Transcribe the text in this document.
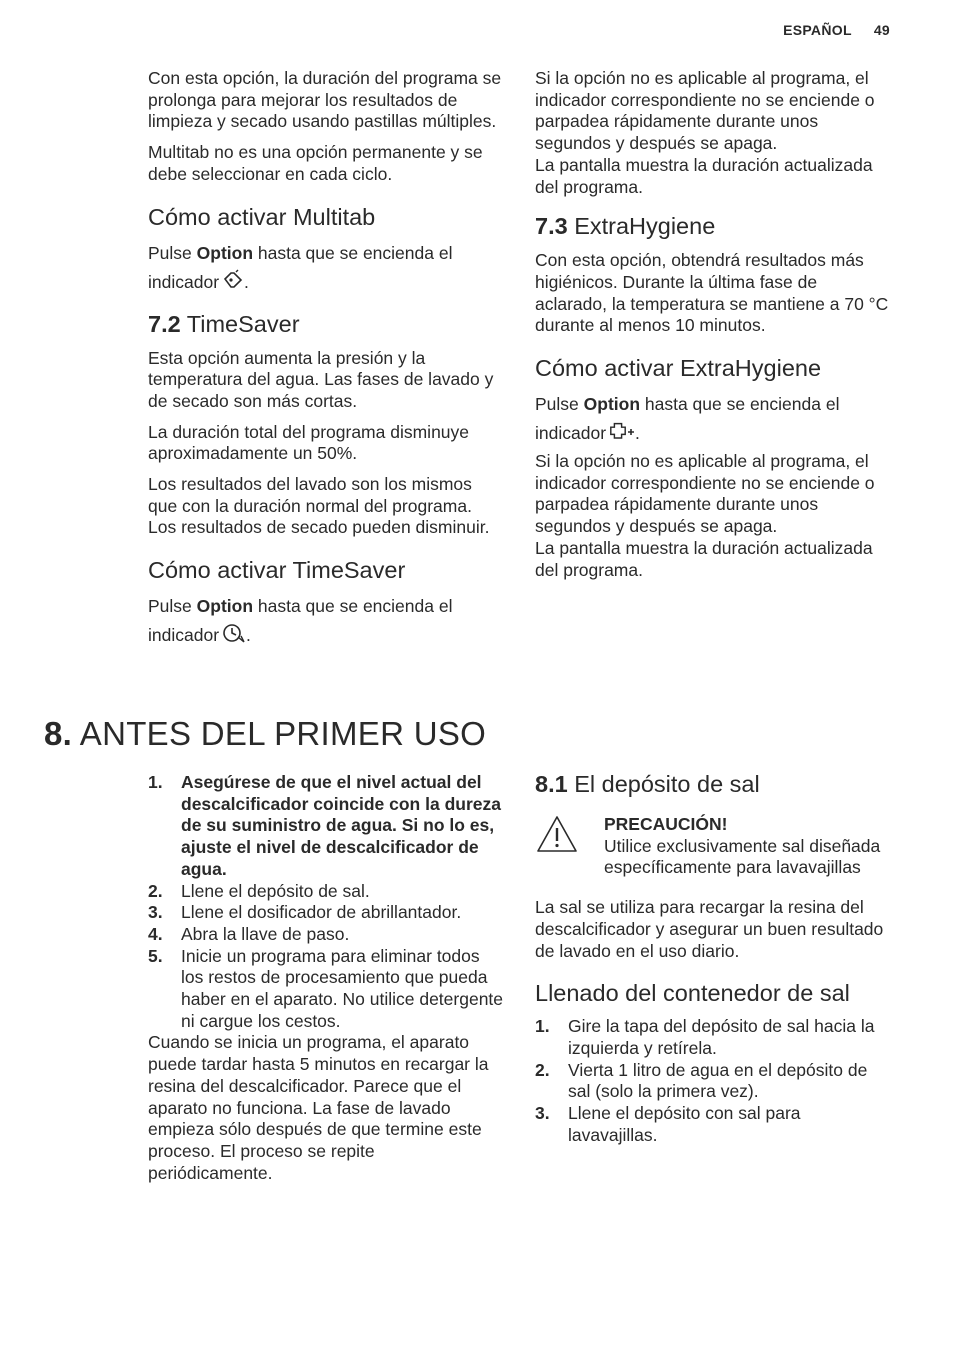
ESPAÑOL 49

Con esta opción, la duración del programa se prolonga para mejorar los resultados de limpieza y secado usando pastillas múltiples.

Multitab no es una opción permanente y se debe seleccionar en cada ciclo.

Cómo activar Multitab

Pulse Option hasta que se encienda el indicador .

7.2 TimeSaver

Esta opción aumenta la presión y la temperatura del agua. Las fases de lavado y de secado son más cortas.

La duración total del programa disminuye aproximadamente un 50%.

Los resultados del lavado son los mismos que con la duración normal del programa. Los resultados de secado pueden disminuir.

Cómo activar TimeSaver

Pulse Option hasta que se encienda el indicador .

Si la opción no es aplicable al programa, el indicador correspondiente no se enciende o parpadea rápidamente durante unos segundos y después se apaga.
La pantalla muestra la duración actualizada del programa.

7.3 ExtraHygiene

Con esta opción, obtendrá resultados más higiénicos. Durante la última fase de aclarado, la temperatura se mantiene a 70 °C durante al menos 10 minutos.

Cómo activar ExtraHygiene

Pulse Option hasta que se encienda el indicador .

Si la opción no es aplicable al programa, el indicador correspondiente no se enciende o parpadea rápidamente durante unos segundos y después se apaga.
La pantalla muestra la duración actualizada del programa.

8. ANTES DEL PRIMER USO
1. Asegúrese de que el nivel actual del descalcificador coincide con la dureza de su suministro de agua. Si no lo es, ajuste el nivel de descalcificador de agua.
2. Llene el depósito de sal.
3. Llene el dosificador de abrillantador.
4. Abra la llave de paso.
5. Inicie un programa para eliminar todos los restos de procesamiento que pueda haber en el aparato. No utilice detergente ni cargue los cestos.

Cuando se inicia un programa, el aparato puede tardar hasta 5 minutos en recargar la resina del descalcificador. Parece que el aparato no funciona. La fase de lavado empieza sólo después de que termine este proceso. El proceso se repite periódicamente.

8.1 El depósito de sal

PRECAUCIÓN!

Utilice exclusivamente sal diseñada específicamente para lavavajillas

La sal se utiliza para recargar la resina del descalcificador y asegurar un buen resultado de lavado en el uso diario.

Llenado del contenedor de sal
1. Gire la tapa del depósito de sal hacia la izquierda y retírela.
2. Vierta 1 litro de agua en el depósito de sal (solo la primera vez).
3. Llene el depósito con sal para lavavajillas.
